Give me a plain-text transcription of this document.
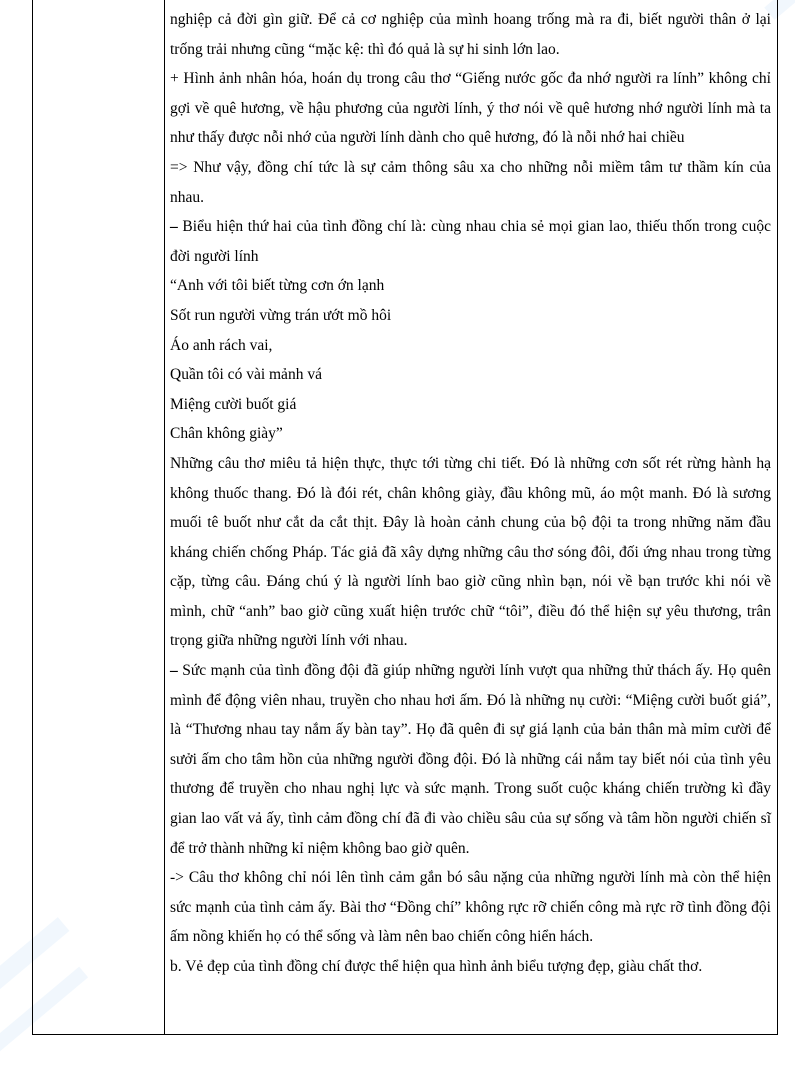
nghiệp cả đời gìn giữ. Để cả cơ nghiệp của mình hoang trống mà ra đi, biết người thân ở lại trống trải nhưng cũng “mặc kệ: thì đó quả là sự hi sinh lớn lao.

+ Hình ảnh nhân hóa, hoán dụ trong câu thơ “Giếng nước gốc đa nhớ người ra lính” không chỉ gợi về quê hương, về hậu phương của người lính, ý thơ nói về quê hương nhớ người lính mà ta như thấy được nỗi nhớ của người lính dành cho quê hương, đó là nỗi nhớ hai chiều

=> Như vậy, đồng chí tức là sự cảm thông sâu xa cho những nỗi miềm tâm tư thầm kín của nhau.

– Biểu hiện thứ hai của tình đồng chí là: cùng nhau chia sẻ mọi gian lao, thiếu thốn trong cuộc đời người lính

“Anh với tôi biết từng cơn ớn lạnh

Sốt run người vừng trán ướt mồ hôi

Áo anh rách vai,

Quần tôi có vài mảnh vá

Miệng cười buốt giá

Chân không giày”

Những câu thơ miêu tả hiện thực, thực tới từng chi tiết. Đó là những cơn sốt rét rừng hành hạ không thuốc thang. Đó là đói rét, chân không giày, đầu không mũ, áo một manh. Đó là sương muối tê buốt như cắt da cắt thịt. Đây là hoàn cảnh chung của bộ đội ta trong những năm đầu kháng chiến chống Pháp. Tác giả đã xây dựng những câu thơ sóng đôi, đối ứng nhau trong từng cặp, từng câu. Đáng chú ý là người lính bao giờ cũng nhìn bạn, nói về bạn trước khi nói về mình, chữ “anh” bao giờ cũng xuất hiện trước chữ “tôi”, điều đó thể hiện sự yêu thương, trân trọng giữa những người lính với nhau.

– Sức mạnh của tình đồng đội đã giúp những người lính vượt qua những thử thách ấy. Họ quên mình để động viên nhau, truyền cho nhau hơi ấm. Đó là những nụ cười: “Miệng cười buốt giá”, là “Thương nhau tay nắm ấy bàn tay”. Họ đã quên đi sự giá lạnh của bản thân mà mỉm cười để sưởi ấm cho tâm hồn của những người đồng đội. Đó là những cái nắm tay biết nói của tình yêu thương để truyền cho nhau nghị lực và sức mạnh. Trong suốt cuộc kháng chiến trường kì đầy gian lao vất vả ấy, tình cảm đồng chí đã đi vào chiều sâu của sự sống và tâm hồn người chiến sĩ để trở thành những kỉ niệm không bao giờ quên.

-> Câu thơ không chỉ nói lên tình cảm gắn bó sâu nặng của những người lính mà còn thể hiện sức mạnh của tình cảm ấy. Bài thơ “Đồng chí” không rực rỡ chiến công mà rực rỡ tình đồng đội ấm nồng khiến họ có thể sống và làm nên bao chiến công hiển hách.

b. Vẻ đẹp của tình đồng chí được thể hiện qua hình ảnh biểu tượng đẹp, giàu chất thơ.
